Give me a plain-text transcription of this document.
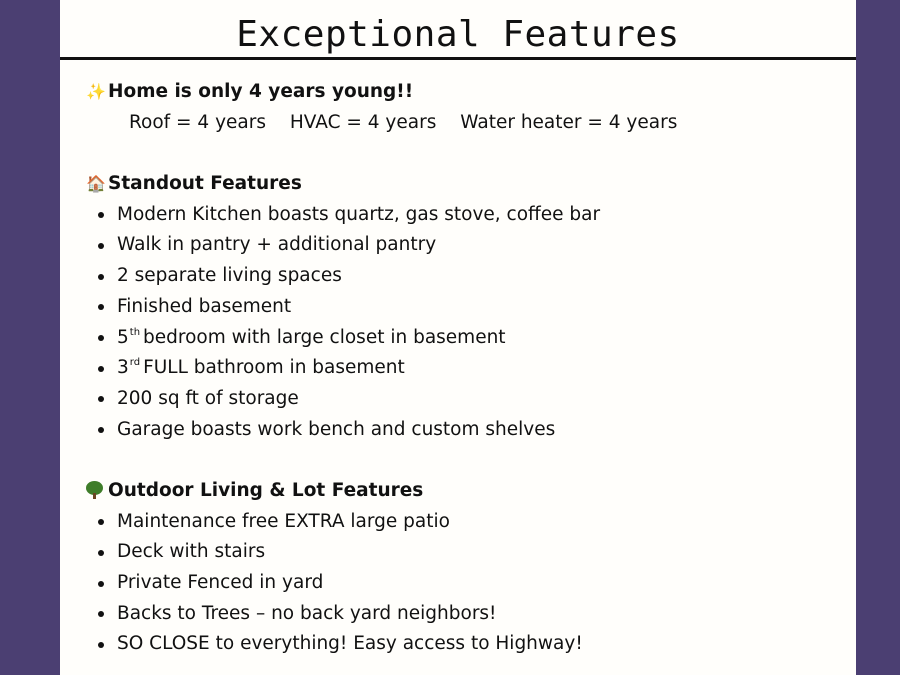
Exceptional Features
✨ Home is only 4 years young!!
Roof = 4 years HVAC = 4 years Water heater = 4 years
🏠 Standout Features
Modern Kitchen boasts quartz, gas stove, coffee bar
Walk in pantry + additional pantry
2 separate living spaces
Finished basement
5th bedroom with large closet in basement
3rd FULL bathroom in basement
200 sq ft of storage
Garage boasts work bench and custom shelves
Outdoor Living & Lot Features
Maintenance free EXTRA large patio
Deck with stairs
Private Fenced in yard
Backs to Trees – no back yard neighbors!
SO CLOSE to everything! Easy access to Highway!
